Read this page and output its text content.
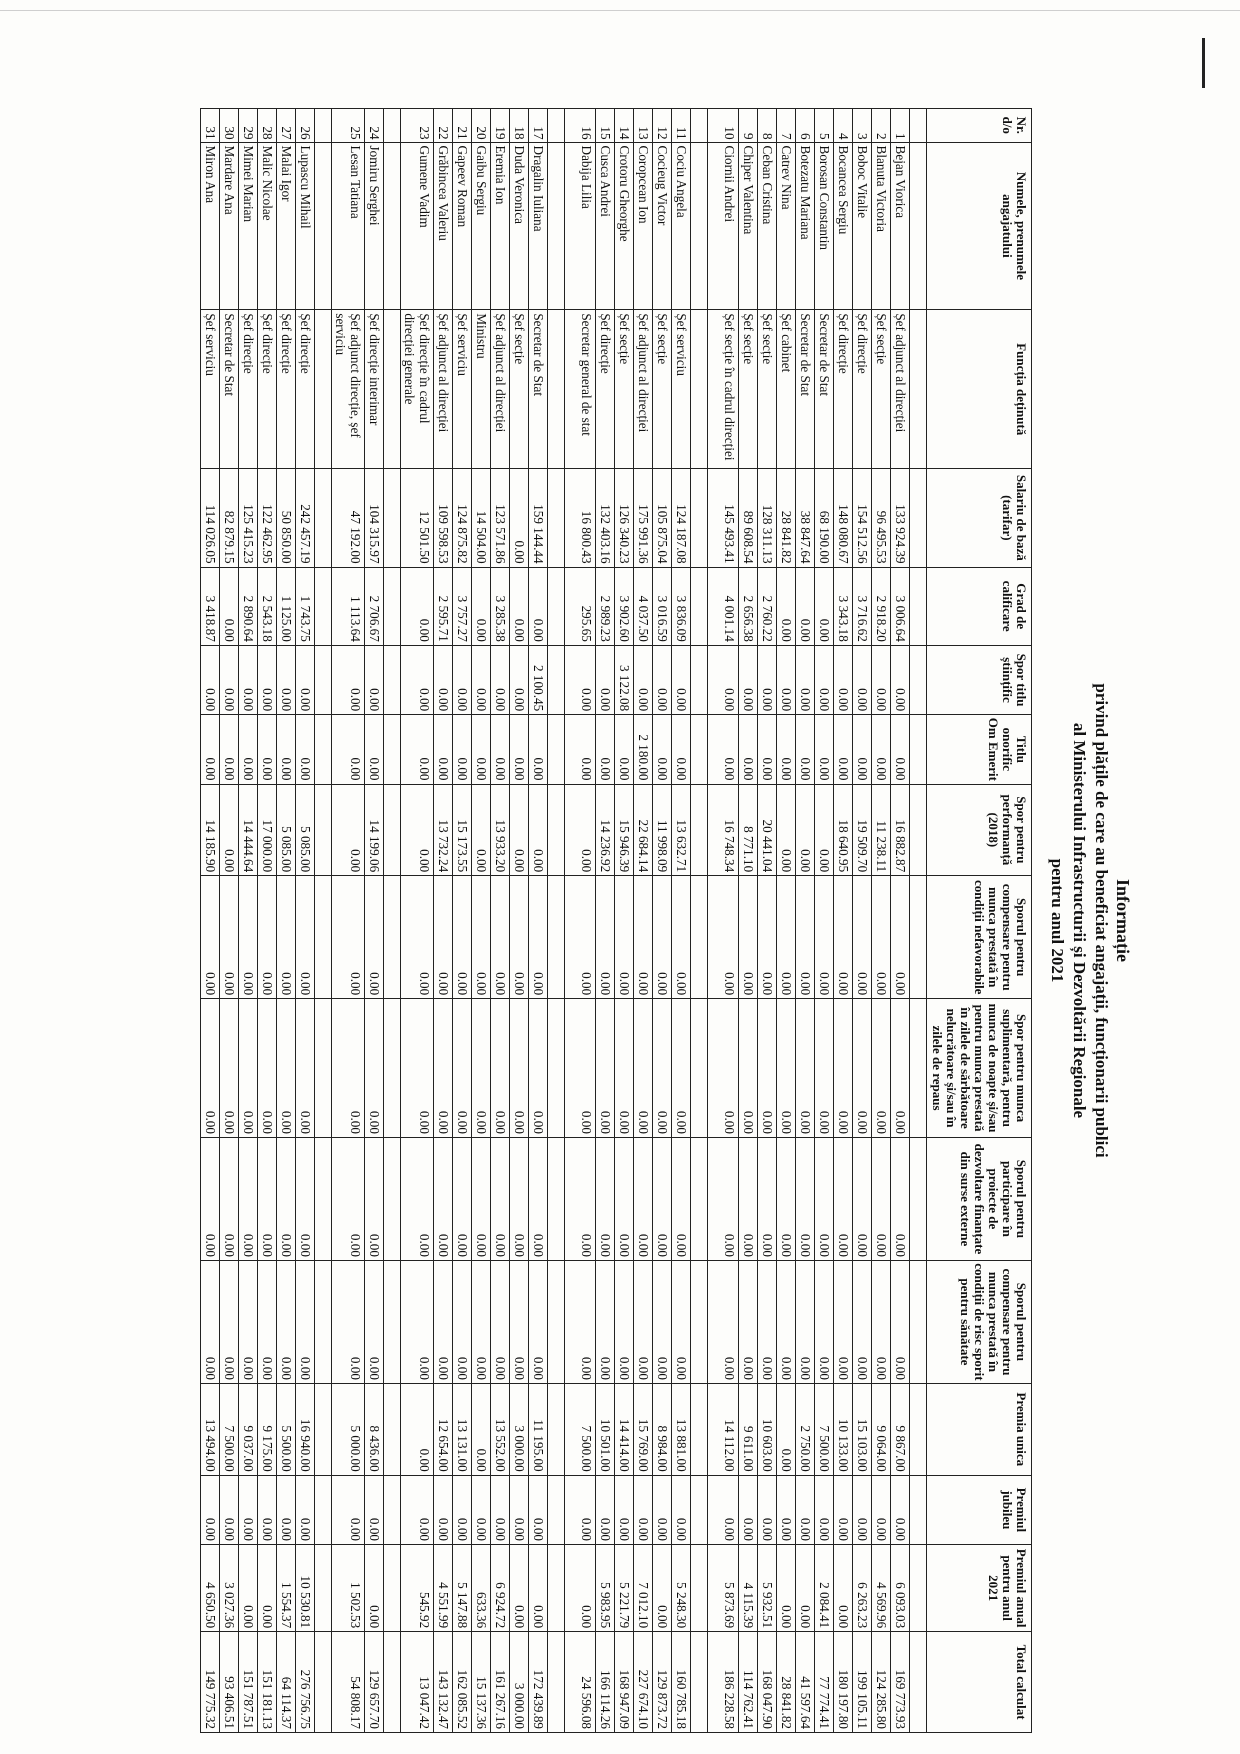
Informație
privind plățile de care au beneficiat angajații, funcționarii publici
al Ministerului Infrastructurii și Dezvoltării Regionale
pentru anul 2021
Nr. d/o	Numele, prenumele angajatului	Funcția deținută	Salariu de bază (tarifar)	Grad de calificare	Spor titlu științific	Titlu onorific Om Emerit	Spor pentru performanță (2018)	Sporul pentru compensare pentru munca prestată în condiții nefavorabile	Spor pentru munca suplimentară, pentru munca de noapte și/sau pentru munca prestată în zilele de sărbătoare nelucrătoare și/sau în zilele de repaus	Sporul pentru participare în proiecte de dezvoltare finanțate din surse externe	Sporul pentru compensare pentru munca prestată în condiții de risc sporit pentru sănătate	Premia unica	Premiul jubileu	Premiul anual pentru anul 2021	Total calculat

1	Bejan Viorica	Șef adjunct al direcției	133 924.39	3 006.64	0.00	0.00	16 882.87	0.00	0.00	0.00	0.00	9 867.00	0.00	6 093.03	169 773.93
2	Blanuta Victoria	Șef secție	96 495.53	2 918.20	0.00	0.00	11 238.11	0.00	0.00	0.00	0.00	9 064.00	0.00	4 569.96	124 285.80
3	Boboc Vitalie	Șef direcție	154 512.56	3 716.62	0.00	0.00	19 509.70	0.00	0.00	0.00	0.00	15 103.00	0.00	6 263.23	199 105.11
4	Bocancea Sergiu	Șef direcție	148 080.67	3 343.18	0.00	0.00	18 640.95	0.00	0.00	0.00	0.00	10 133.00	0.00	0.00	180 197.80
5	Borosan Constantin	Secretar de Stat	68 190.00	0.00	0.00	0.00	0.00	0.00	0.00	0.00	0.00	7 500.00	0.00	2 084.41	77 774.41
6	Botezatu Mariana	Secretar de Stat	38 847.64	0.00	0.00	0.00	0.00	0.00	0.00	0.00	0.00	2 750.00	0.00	0.00	41 597.64
7	Catrev Nina	Șef cabinet	28 841.82	0.00	0.00	0.00	0.00	0.00	0.00	0.00	0.00	0.00	0.00	0.00	28 841.82
8	Ceban Cristina	Șef secție	128 311.13	2 760.22	0.00	0.00	20 441.04	0.00	0.00	0.00	0.00	10 603.00	0.00	5 932.51	168 047.90
9	Chiper Valentina	Șef secție	89 608.54	2 656.38	0.00	0.00	8 771.10	0.00	0.00	0.00	0.00	9 611.00	0.00	4 115.39	114 762.41
10	Ciornii Andrei	Șef secție în cadrul direcției	145 493.41	4 001.14	0.00	0.00	16 748.34	0.00	0.00	0.00	0.00	14 112.00	0.00	5 873.69	186 228.58

11	Cociu Angela	Șef serviciu	124 187.08	3 836.09	0.00	0.00	13 632.71	0.00	0.00	0.00	0.00	13 881.00	0.00	5 248.30	160 785.18
12	Cocieug Victor	Șef secție	105 875.04	3 016.59	0.00	0.00	11 998.09	0.00	0.00	0.00	0.00	8 984.00	0.00	0.00	129 873.72
13	Coropcean Ion	Șef adjunct al direcției	175 991.36	4 037.50	0.00	2 180.00	22 684.14	0.00	0.00	0.00	0.00	15 769.00	0.00	7 012.10	227 674.10
14	Crotoru Gheorghe	Șef secție	126 340.23	3 902.60	3 122.08	0.00	15 946.39	0.00	0.00	0.00	0.00	14 414.00	0.00	5 221.79	168 947.09
15	Cusca Andrei	Șef direcție	132 403.16	2 989.23	0.00	0.00	14 236.92	0.00	0.00	0.00	0.00	10 501.00	0.00	5 983.95	166 114.26
16	Dabija Lilia	Secretar general de stat	16 800.43	295.65	0.00	0.00	0.00	0.00	0.00	0.00	0.00	7 500.00	0.00	0.00	24 596.08

17	Dragalin Iuliana	Secretar de Stat	159 144.44	0.00	2 100.45	0.00	0.00	0.00	0.00	0.00	0.00	11 195.00	0.00	0.00	172 439.89
18	Duda Veronica	Șef secție	0.00	0.00	0.00	0.00	0.00	0.00	0.00	0.00	0.00	3 000.00	0.00	0.00	3 000.00
19	Eremia Ion	Șef adjunct al direcției	123 571.86	3 285.38	0.00	0.00	13 933.20	0.00	0.00	0.00	0.00	13 552.00	0.00	6 924.72	161 267.16
20	Gaibu Sergiu	Ministru	14 504.00	0.00	0.00	0.00	0.00	0.00	0.00	0.00	0.00	0.00	0.00	633.36	15 137.36
21	Gapeev Roman	Șef serviciu	124 875.82	3 757.27	0.00	0.00	15 173.55	0.00	0.00	0.00	0.00	13 131.00	0.00	5 147.88	162 085.52
22	Grăbincea Valeriu	Șef adjunct al direcției	109 598.53	2 595.71	0.00	0.00	13 732.24	0.00	0.00	0.00	0.00	12 654.00	0.00	4 551.99	143 132.47
23	Gumene Vadim	Șef direcție în cadrul direcției generale	12 501.50	0.00	0.00	0.00	0.00	0.00	0.00	0.00	0.00	0.00	0.00	545.92	13 047.42

24	Jomiru Serghei	Șef direcție interimar	104 315.97	2 706.67	0.00	0.00	14 199.06	0.00	0.00	0.00	0.00	8 436.00	0.00	0.00	129 657.70
25	Lesan Tatiana	Șef adjunct direcție, șef serviciu	47 192.00	1 113.64	0.00	0.00	0.00	0.00	0.00	0.00	0.00	5 000.00	0.00	1 502.53	54 808.17

26	Lupascu Mihail	Șef direcție	242 457.19	1 743.75	0.00	0.00	5 085.00	0.00	0.00	0.00	0.00	16 940.00	0.00	10 530.81	276 756.75
27	Malai Igor	Șef direcție	50 850.00	1 125.00	0.00	0.00	5 085.00	0.00	0.00	0.00	0.00	5 500.00	0.00	1 554.37	64 114.37
28	Malic Nicolae	Șef direcție	122 462.95	2 543.18	0.00	0.00	17 000.00	0.00	0.00	0.00	0.00	9 175.00	0.00	0.00	151 181.13
29	Mimei Marian	Șef direcție	125 415.23	2 890.64	0.00	0.00	14 444.64	0.00	0.00	0.00	0.00	9 037.00	0.00	0.00	151 787.51
30	Mardare Ana	Secretar de Stat	82 879.15	0.00	0.00	0.00	0.00	0.00	0.00	0.00	0.00	7 500.00	0.00	3 027.36	93 406.51
31	Miron Ana	Șef serviciu	114 026.05	3 418.87	0.00	0.00	14 185.90	0.00	0.00	0.00	0.00	13 494.00	0.00	4 650.50	149 775.32
